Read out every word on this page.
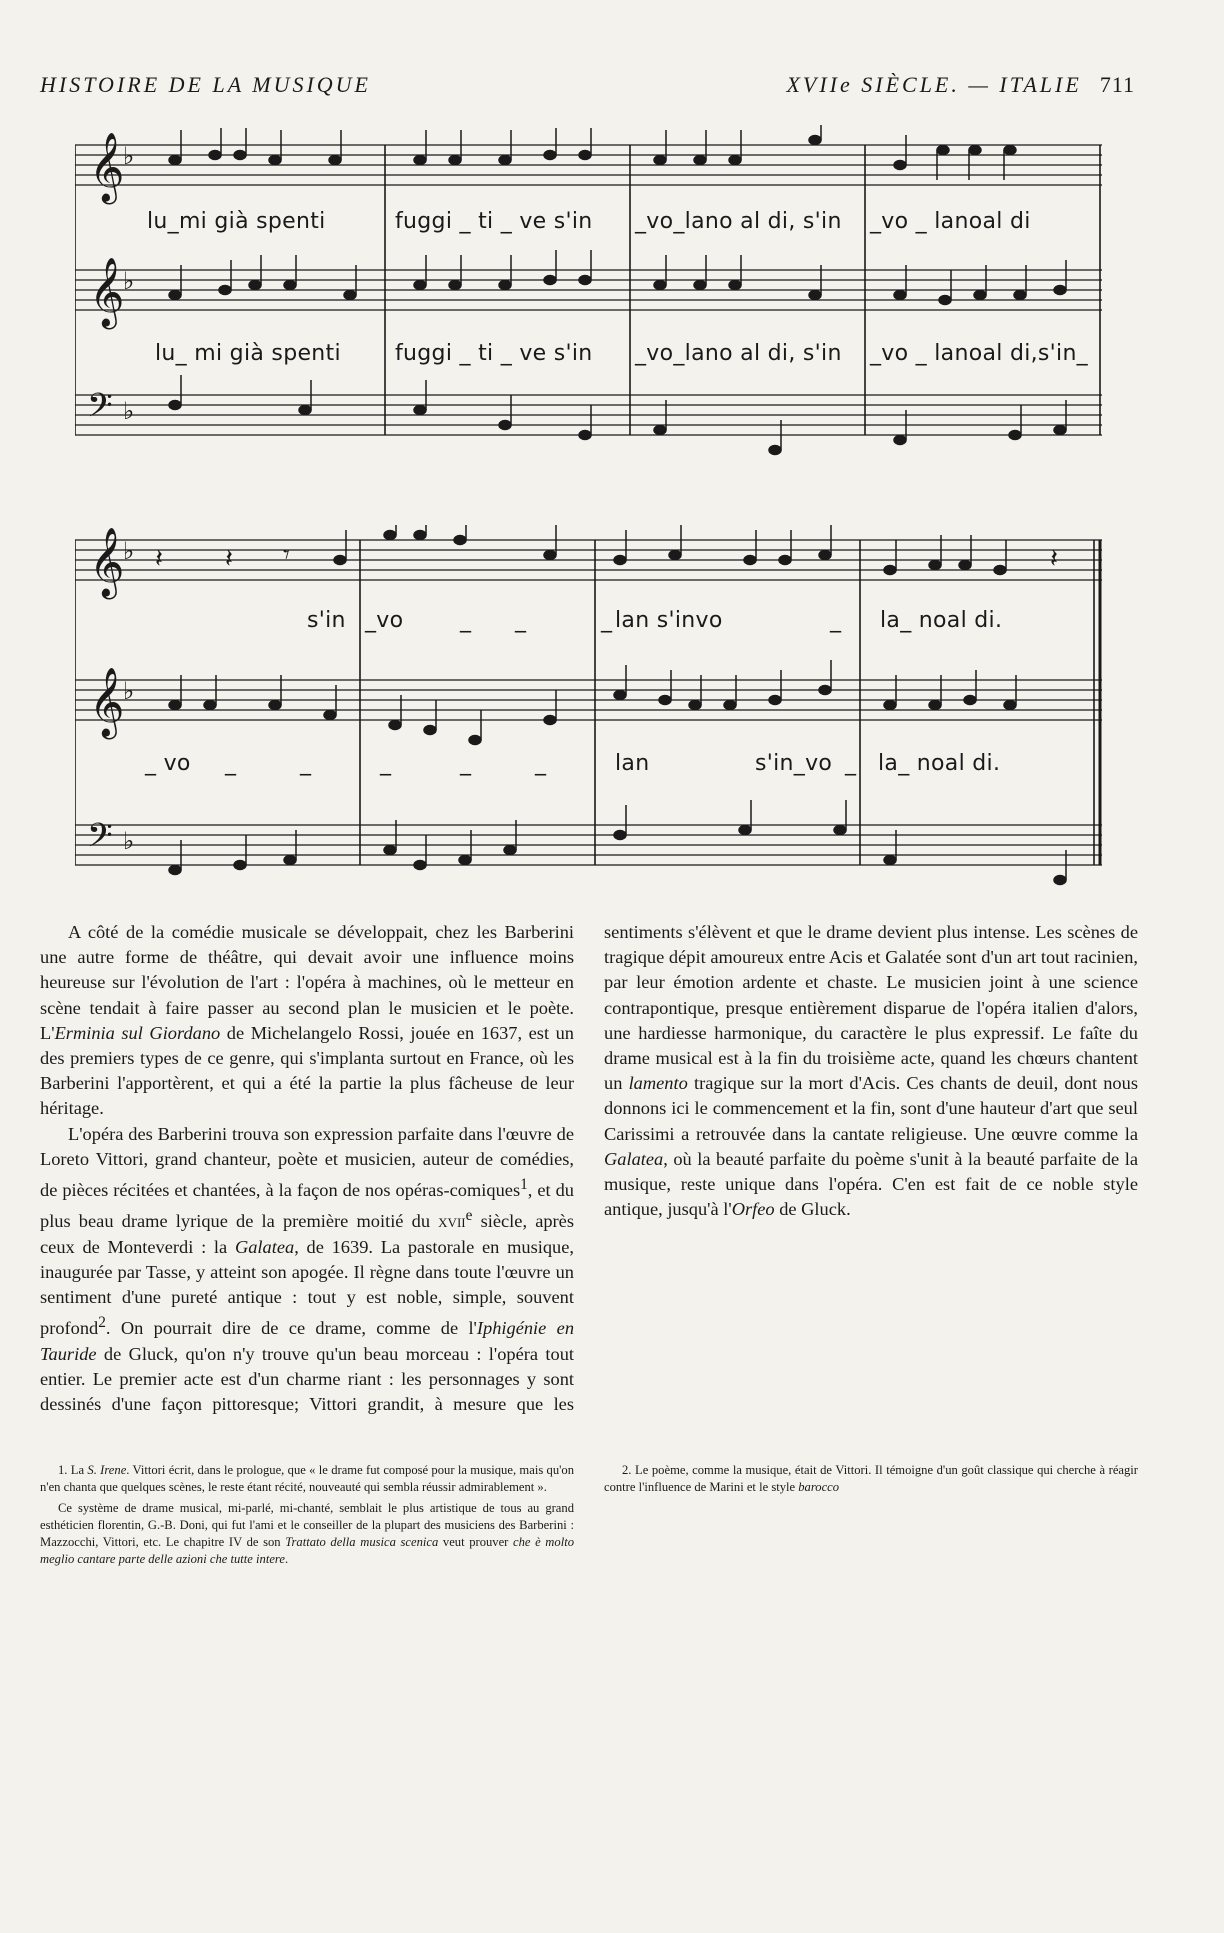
HISTOIRE DE LA MUSIQUE	XVIIe SIÈCLE. — ITALIE 711
𝄞
𝄞
𝄢
♭
♭
♭
lu_mi già spenti	fuggi _ ti _ ve s'in _vo_lano al di, s'in _vo _ lanoal di
lu_ mi già spenti fuggi _ ti _ ve s'in _vo_lano al di, s'in _vo _ lanoal di,s'in_
𝄞
𝄞
𝄢
♭
♭
♭
𝄽 𝄽 𝄾	𝄽
s'in _vo	_ _	_ lan s'invo	_ la_ noal di.
_ vo _	_	_	_	_	lan	s'in_vo _ la_ noal di.

A côté de la comédie musicale se développait, chez les Barberini une autre forme de théâtre, qui devait avoir une influence moins heureuse sur l'évolution de l'art : l'opéra à machines, où le metteur en scène tendait à faire passer au second plan le musicien et le poète. L'Erminia sul Giordano de Michelangelo Rossi, jouée en 1637, est un des premiers types de ce genre, qui s'implanta surtout en France, où les Barberini l'apportèrent, et qui a été la partie la plus fâcheuse de leur héritage.

L'opéra des Barberini trouva son expression parfaite dans l'œuvre de Loreto Vittori, grand chanteur, poète et musicien, auteur de comédies, de pièces récitées et chantées, à la façon de nos opéras-comiques$^1$, et du plus beau drame lyrique de la première moitié du xvii$^e$ siècle, après ceux de Monteverdi : la Galatea, de 1639. La pastorale en musique, inaugurée par Tasse, y atteint son apogée. Il règne dans toute l'œuvre un sentiment d'une pureté antique : tout y est noble, simple, souvent profond$^2$. On pourrait dire de ce drame, comme de l'Iphigénie en Tauride de Gluck, qu'on n'y trouve qu'un beau morceau : l'opéra tout entier. Le premier acte est d'un charme riant : les personnages y sont dessinés d'une façon pittoresque; Vittori grandit, à mesure que les sentiments s'élèvent et que le drame devient plus intense. Les scènes de tragique dépit amoureux entre Acis et Galatée sont d'un art tout racinien, par leur émotion ardente et chaste. Le musicien joint à une science contrapontique, presque entièrement disparue de l'opéra italien d'alors, une hardiesse harmonique, du caractère le plus expressif. Le faîte du drame musical est à la fin du troisième acte, quand les chœurs chantent un lamento tragique sur la mort d'Acis. Ces chants de deuil, dont nous donnons ici le commencement et la fin, sont d'une hauteur d'art que seul Carissimi a retrouvée dans la cantate religieuse. Une œuvre comme la Galatea, où la beauté parfaite du poème s'unit à la beauté parfaite de la musique, reste unique dans l'opéra. C'en est fait de ce noble style antique, jusqu'à l'Orfeo de Gluck.

1. La S. Irene. Vittori écrit, dans le prologue, que « le drame fut composé pour la musique, mais qu'on n'en chanta que quelques scènes, le reste étant récité, nouveauté qui sembla réussir admirablement ».

Ce système de drame musical, mi-parlé, mi-chanté, semblait le plus artistique de tous au grand esthéticien florentin, G.-B. Doni, qui fut l'ami et le conseiller de la plupart des musiciens des Barberini : Mazzocchi, Vittori, etc. Le chapitre IV de son Trattato della musica scenica veut prouver che è molto meglio cantare parte delle azioni che tutte intere.

2. Le poème, comme la musique, était de Vittori. Il témoigne d'un goût classique qui cherche à réagir contre l'influence de Marini et le style barocco
